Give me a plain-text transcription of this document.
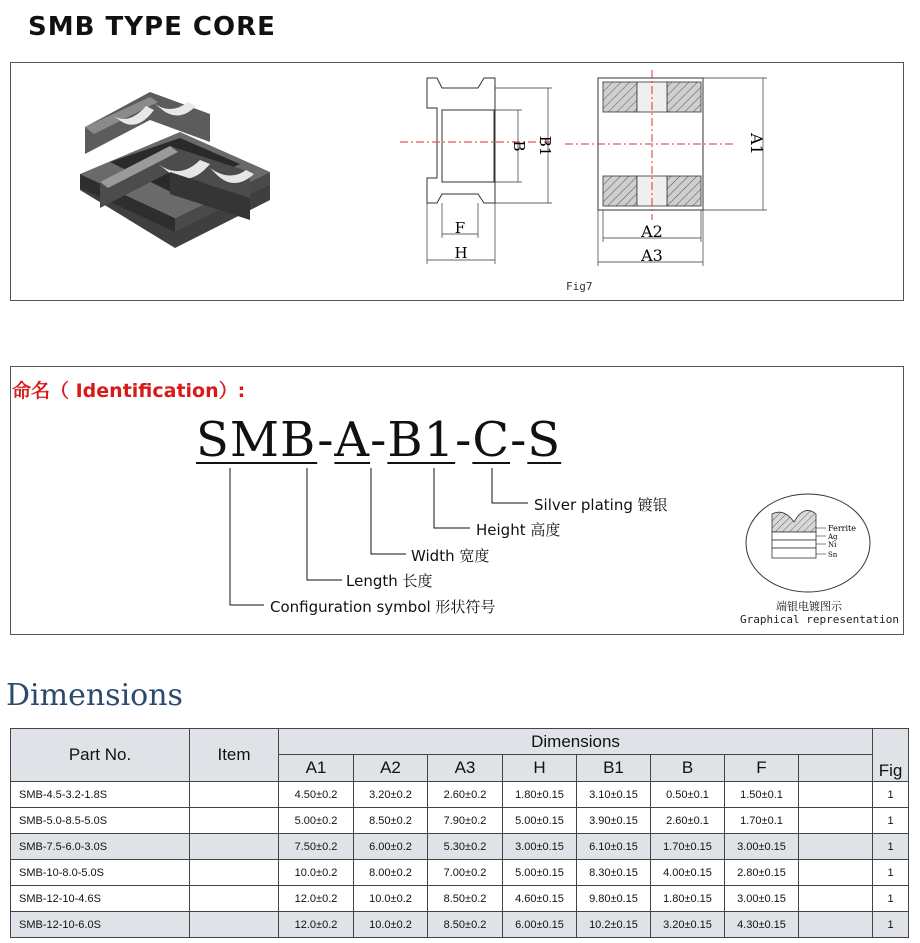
SMB TYPE CORE
B B1
F
H
A1
A2
A3
Fig7
命名（ Identification）:
SMB-A-B1-C-S
Silver plating 镀银
Height 高度
Width 宽度
Length 长度
Configuration symbol 形状符号
Ferrite
Ag
Ni
Sn
端银电镀图示
Graphical representation
Dimensions
Part No.	Item	Dimensions								Fig
		A1	A2	A3	H	B1	B	F		
SMB-4.5-3.2-1.8S		4.50±0.2	3.20±0.2	2.60±0.2	1.80±0.15	3.10±0.15	0.50±0.1	1.50±0.1		1
SMB-5.0-8.5-5.0S		5.00±0.2	8.50±0.2	7.90±0.2	5.00±0.15	3.90±0.15	2.60±0.1	1.70±0.1		1
SMB-7.5-6.0-3.0S		7.50±0.2	6.00±0.2	5.30±0.2	3.00±0.15	6.10±0.15	1.70±0.15	3.00±0.15		1
SMB-10-8.0-5.0S		10.0±0.2	8.00±0.2	7.00±0.2	5.00±0.15	8.30±0.15	4.00±0.15	2.80±0.15		1
SMB-12-10-4.6S		12.0±0.2	10.0±0.2	8.50±0.2	4.60±0.15	9.80±0.15	1.80±0.15	3.00±0.15		1
SMB-12-10-6.0S		12.0±0.2	10.0±0.2	8.50±0.2	6.00±0.15	10.2±0.15	3.20±0.15	4.30±0.15		1
